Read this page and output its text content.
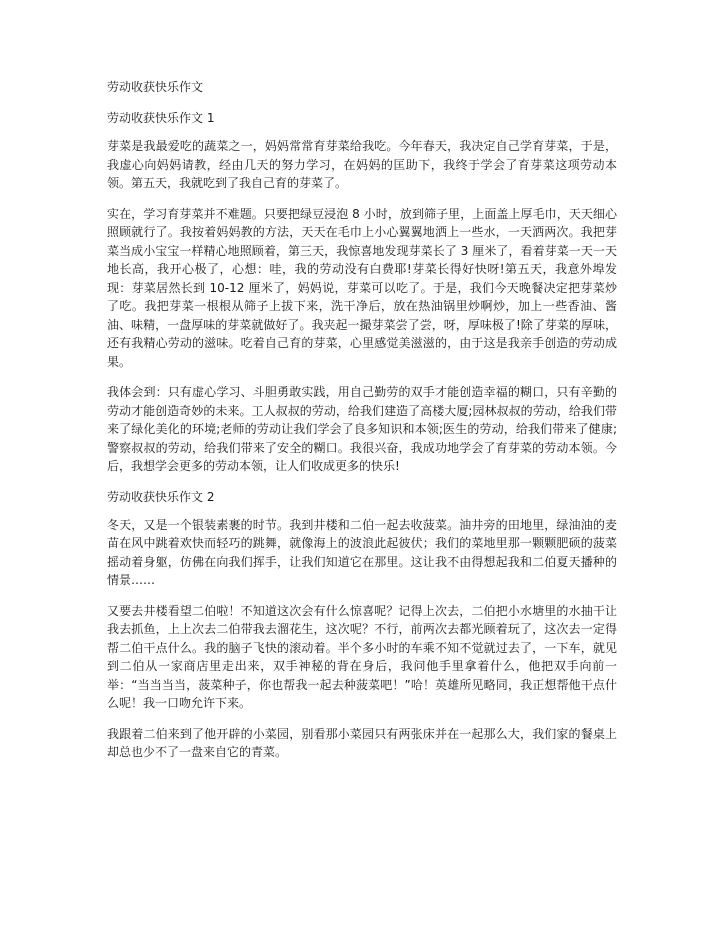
劳动收获快乐作文
劳动收获快乐作文 1

芽菜是我最爱吃的蔬菜之一，妈妈常常育芽菜给我吃。今年春天，我决定自己学育芽菜，于是，我虚心向妈妈请教，经由几天的努力学习，在妈妈的匡助下，我终于学会了育芽菜这项劳动本领。第五天，我就吃到了我自己育的芽菜了。

实在，学习育芽菜并不难题。只要把绿豆浸泡 8 小时，放到筛子里，上面盖上厚毛巾，天天细心照顾就行了。我按着妈妈教的方法，天天在毛巾上小心翼翼地洒上一些水，一天洒两次。我把芽菜当成小宝宝一样精心地照顾着，第三天，我惊喜地发现芽菜长了 3 厘米了，看着芽菜一天一天地长高，我开心极了，心想：哇，我的劳动没有白费耶!芽菜长得好快呀!第五天，我意外埠发现：芽菜居然长到 10-12 厘米了，妈妈说，芽菜可以吃了。于是，我们今天晚餐决定把芽菜炒了吃。我把芽菜一根根从筛子上拔下来，洗干净后，放在热油锅里炒啊炒，加上一些香油、酱油、味精，一盘厚味的芽菜就做好了。我夹起一撮芽菜尝了尝，呀，厚味极了!除了芽菜的厚味，还有我精心劳动的滋味。吃着自己育的芽菜，心里感觉美滋滋的，由于这是我亲手创造的劳动成果。

我体会到：只有虚心学习、斗胆勇敢实践，用自己勤劳的双手才能创造幸福的糊口，只有辛勤的劳动才能创造奇妙的未来。工人叔叔的劳动，给我们建造了高楼大厦;园林叔叔的劳动，给我们带来了绿化美化的环境;老师的劳动让我们学会了良多知识和本领;医生的劳动，给我们带来了健康;警察叔叔的劳动，给我们带来了安全的糊口。我很兴奋，我成功地学会了育芽菜的劳动本领。今后，我想学会更多的劳动本领，让人们收成更多的快乐!

劳动收获快乐作文 2

冬天，又是一个银装素裹的时节。我到井楼和二伯一起去收菠菜。油井旁的田地里，绿油油的麦苗在风中跳着欢快而轻巧的跳舞，就像海上的波浪此起彼伏；我们的菜地里那一颗颗肥硕的菠菜摇动着身躯，仿佛在向我们挥手，让我们知道它在那里。这让我不由得想起我和二伯夏天播种的情景……

又要去井楼看望二伯啦！不知道这次会有什么惊喜呢？记得上次去，二伯把小水塘里的水抽干让我去抓鱼，上上次去二伯带我去溜花生，这次呢？不行，前两次去都光顾着玩了，这次去一定得帮二伯干点什么。我的脑子飞快的滚动着。半个多小时的车乘不知不觉就过去了，一下车，就见到二伯从一家商店里走出来，双手神秘的背在身后，我问他手里拿着什么，他把双手向前一举：“当当当当，菠菜种子，你也帮我一起去种菠菜吧！”哈！英雄所见略同，我正想帮他干点什么呢！我一口吻允许下来。

我跟着二伯来到了他开辟的小菜园，别看那小菜园只有两张床并在一起那么大，我们家的餐桌上却总也少不了一盘来自它的青菜。
